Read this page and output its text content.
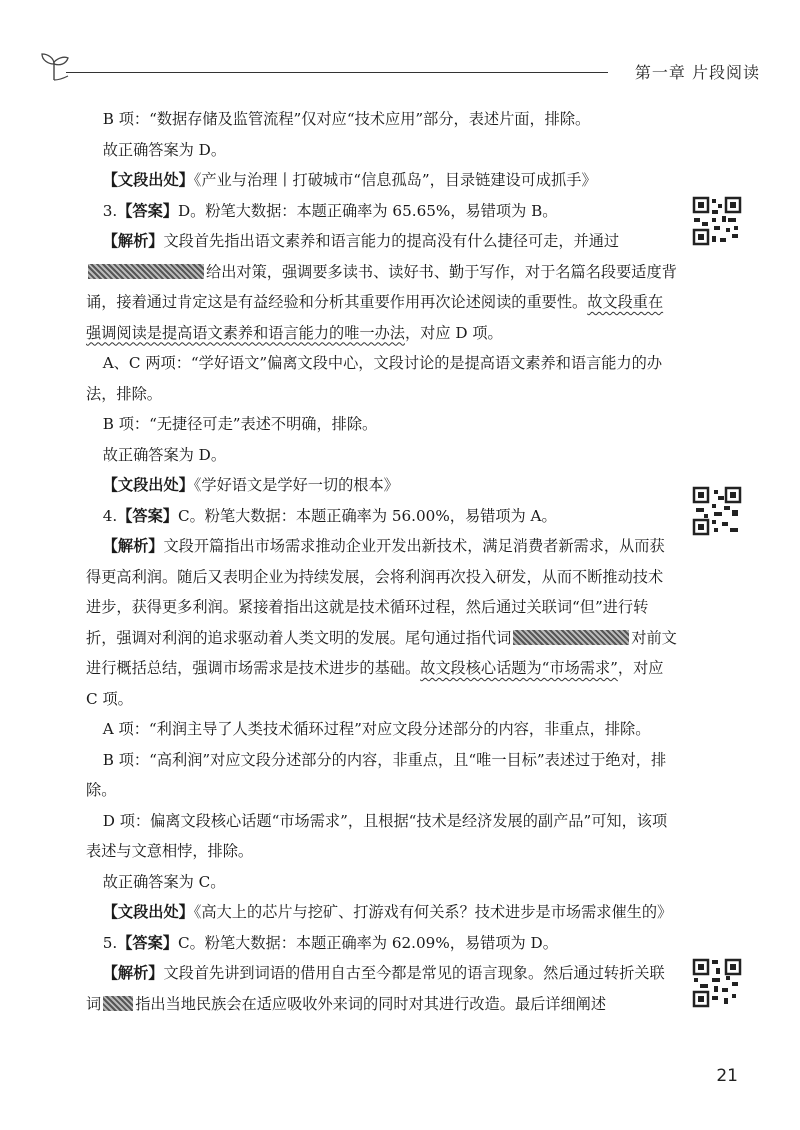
第一章 片段阅读

B 项：“数据存储及监管流程”仅对应“技术应用”部分，表述片面，排除。

故正确答案为 D。

【文段出处】《产业与治理丨打破城市“信息孤岛”，目录链建设可成抓手》

3.【答案】D。粉笔大数据：本题正确率为 65.65%，易错项为 B。

【解析】文段首先指出语文素养和语言能力的提高没有什么捷径可走，并通过给出对策，强调要多读书、读好书、勤于写作，对于名篇名段要适度背诵，接着通过肯定这是有益经验和分析其重要作用再次论述阅读的重要性。故文段重在强调阅读是提高语文素养和语言能力的唯一办法，对应 D 项。

A、C 两项：“学好语文”偏离文段中心，文段讨论的是提高语文素养和语言能力的办法，排除。

B 项：“无捷径可走”表述不明确，排除。

故正确答案为 D。

【文段出处】《学好语文是学好一切的根本》

4.【答案】C。粉笔大数据：本题正确率为 56.00%，易错项为 A。

【解析】文段开篇指出市场需求推动企业开发出新技术，满足消费者新需求，从而获得更高利润。随后又表明企业为持续发展，会将利润再次投入研发，从而不断推动技术进步，获得更多利润。紧接着指出这就是技术循环过程，然后通过关联词“但”进行转折，强调对利润的追求驱动着人类文明的发展。尾句通过指代词	对前文进行概括总结，强调市场需求是技术进步的基础。故文段核心话题为“市场需求”，对应 C 项。

A 项：“利润主导了人类技术循环过程”对应文段分述部分的内容，非重点，排除。

B 项：“高利润”对应文段分述部分的内容，非重点，且“唯一目标”表述过于绝对，排除。

D 项：偏离文段核心话题“市场需求”，且根据“技术是经济发展的副产品”可知，该项表述与文意相悖，排除。

故正确答案为 C。

【文段出处】《高大上的芯片与挖矿、打游戏有何关系？技术进步是市场需求催生的》

5.【答案】C。粉笔大数据：本题正确率为 62.09%，易错项为 D。

【解析】文段首先讲到词语的借用自古至今都是常见的语言现象。然后通过转折关联词 指出当地民族会在适应吸收外来词的同时对其进行改造。最后详细阐述

21
